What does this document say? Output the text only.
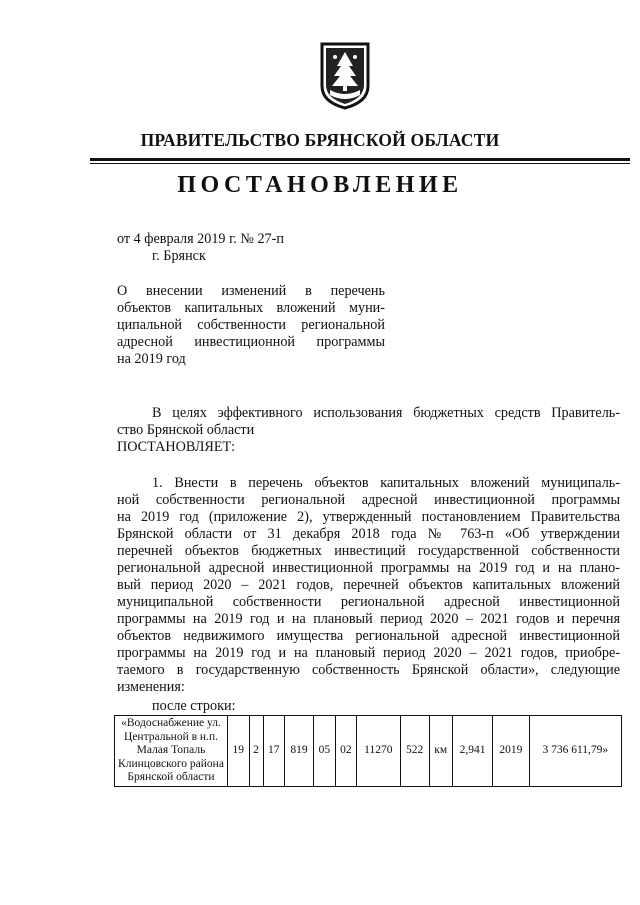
ПРАВИТЕЛЬСТВО БРЯНСКОЙ ОБЛАСТИ
ПОСТАНОВЛЕНИЕ
от 4 февраля 2019 г. № 27-п
г. Брянск
О внесении изменений в перечень
объектов капитальных вложений муни-
ципальной собственности региональной
адресной инвестиционной программы
на 2019 год
В целях эффективного использования бюджетных средств Правитель-
ство Брянской области
ПОСТАНОВЛЯЕТ:
1. Внести в перечень объектов капитальных вложений муниципаль-
ной собственности региональной адресной инвестиционной программы
на 2019 год (приложение 2), утвержденный постановлением Правительства
Брянской области от 31 декабря 2018 года № 763-п «Об утверждении
перечней объектов бюджетных инвестиций государственной собственности
региональной адресной инвестиционной программы на 2019 год и на плано-
вый период 2020 – 2021 годов, перечней объектов капитальных вложений
муниципальной собственности региональной адресной инвестиционной
программы на 2019 год и на плановый период 2020 – 2021 годов и перечня
объектов недвижимого имущества региональной адресной инвестиционной
программы на 2019 год и на плановый период 2020 – 2021 годов, приобре-
таемого в государственную собственность Брянской области», следующие
изменения:
после строки:
«Водоснабжение ул. Центральной в н.п. Малая Топаль Клинцовского района Брянской области	19	2	17	819	05	02	11270	522	км	2,941	2019	3 736 611,79»
